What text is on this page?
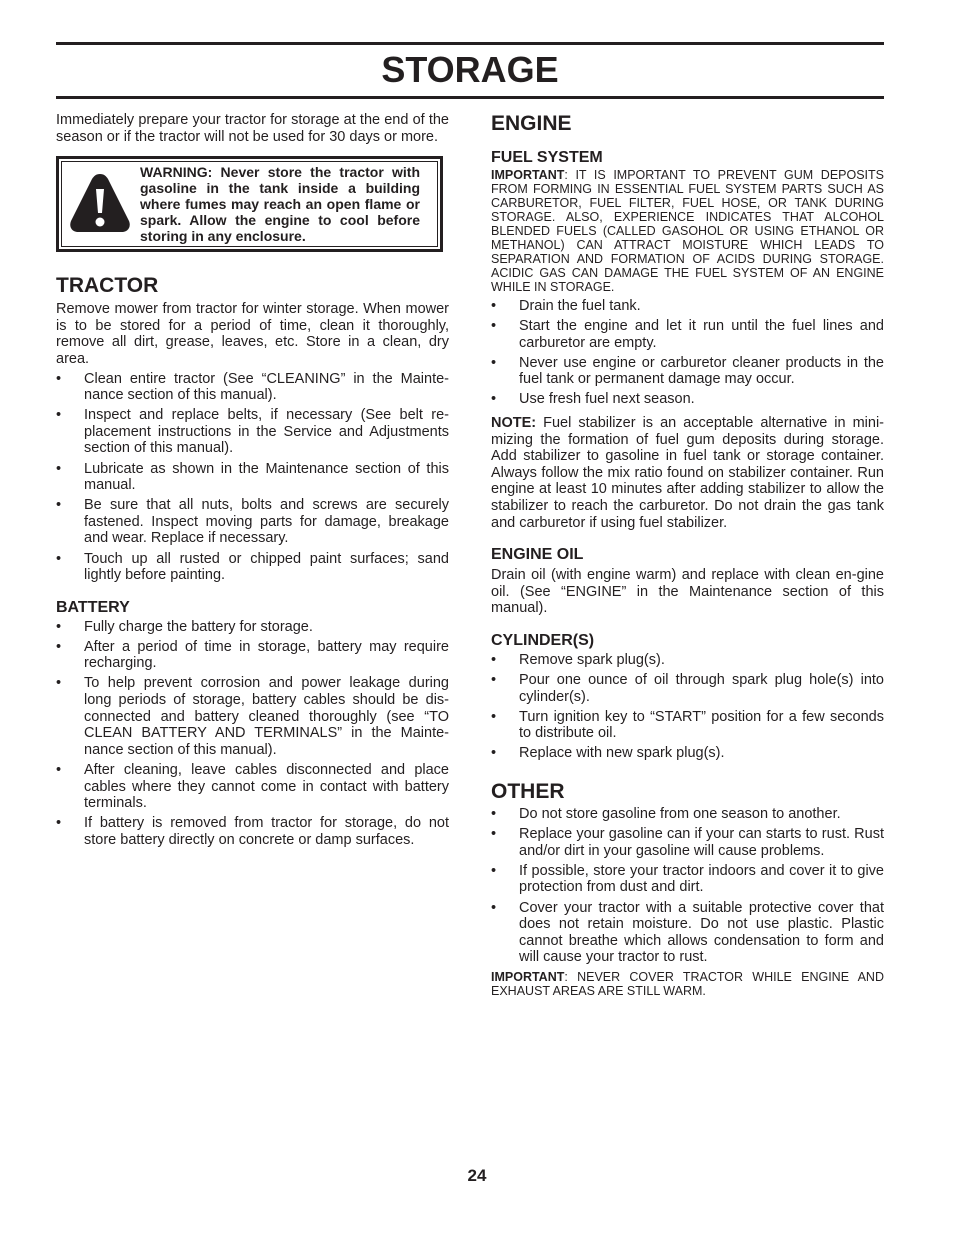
STORAGE

Immediately prepare your tractor for storage at the end of the season or if the tractor will not be used for 30 days or more.

WARNING: Never store the tractor with gasoline in the tank inside a building where fumes may reach an open flame or spark. Allow the engine to cool before storing in any enclosure.

TRACTOR

Remove mower from tractor for winter storage. When mower is to be stored for a period of time, clean it thoroughly, remove all dirt, grease, leaves, etc. Store in a clean, dry area.

• Clean entire tractor (See “CLEANING” in the Mainte-nance section of this manual).
• Inspect and replace belts, if necessary (See belt re-placement instructions in the Service and Adjustments section of this manual).
• Lubricate as shown in the Maintenance section of this manual.
• Be sure that all nuts, bolts and screws are securely fastened. Inspect moving parts for damage, breakage and wear. Replace if necessary.
• Touch up all rusted or chipped paint surfaces; sand lightly before painting.
BATTERY
• Fully charge the battery for storage.
• After a period of time in storage, battery may require recharging.
• To help prevent corrosion and power leakage during long periods of storage, battery cables should be dis-connected and battery cleaned thoroughly (see “TO CLEAN BATTERY AND TERMINALS” in the Mainte-nance section of this manual).
• After cleaning, leave cables disconnected and place cables where they cannot come in contact with battery terminals.
• If battery is removed from tractor for storage, do not store battery directly on concrete or damp surfaces.
ENGINE
FUEL SYSTEM

IMPORTANT: IT IS IMPORTANT TO PREVENT GUM DEPOSITS FROM FORMING IN ESSENTIAL FUEL SYSTEM PARTS SUCH AS CARBURETOR, FUEL FILTER, FUEL HOSE, OR TANK DURING STORAGE. ALSO, EXPERIENCE INDICATES THAT ALCOHOL BLENDED FUELS (CALLED GASOHOL OR USING ETHANOL OR METHANOL) CAN ATTRACT MOISTURE WHICH LEADS TO SEPARATION AND FORMATION OF ACIDS DURING STORAGE. ACIDIC GAS CAN DAMAGE THE FUEL SYSTEM OF AN ENGINE WHILE IN STORAGE.

• Drain the fuel tank.
• Start the engine and let it run until the fuel lines and carburetor are empty.
• Never use engine or carburetor cleaner products in the fuel tank or permanent damage may occur.
• Use fresh fuel next season.

NOTE: Fuel stabilizer is an acceptable alternative in mini-mizing the formation of fuel gum deposits during storage. Add stabilizer to gasoline in fuel tank or storage container. Always follow the mix ratio found on stabilizer container. Run engine at least 10 minutes after adding stabilizer to allow the stabilizer to reach the carburetor. Do not drain the gas tank and carburetor if using fuel stabilizer.

ENGINE OIL

Drain oil (with engine warm) and replace with clean en-gine oil. (See “ENGINE” in the Maintenance section of this manual).

CYLINDER(S)
• Remove spark plug(s).
• Pour one ounce of oil through spark plug hole(s) into cylinder(s).
• Turn ignition key to “START” position for a few seconds to distribute oil.
• Replace with new spark plug(s).
OTHER
• Do not store gasoline from one season to another.
• Replace your gasoline can if your can starts to rust. Rust and/or dirt in your gasoline will cause problems.
• If possible, store your tractor indoors and cover it to give protection from dust and dirt.
• Cover your tractor with a suitable protective cover that does not retain moisture. Do not use plastic. Plastic cannot breathe which allows condensation to form and will cause your tractor to rust.

IMPORTANT: NEVER COVER TRACTOR WHILE ENGINE AND EXHAUST AREAS ARE STILL WARM.

24
